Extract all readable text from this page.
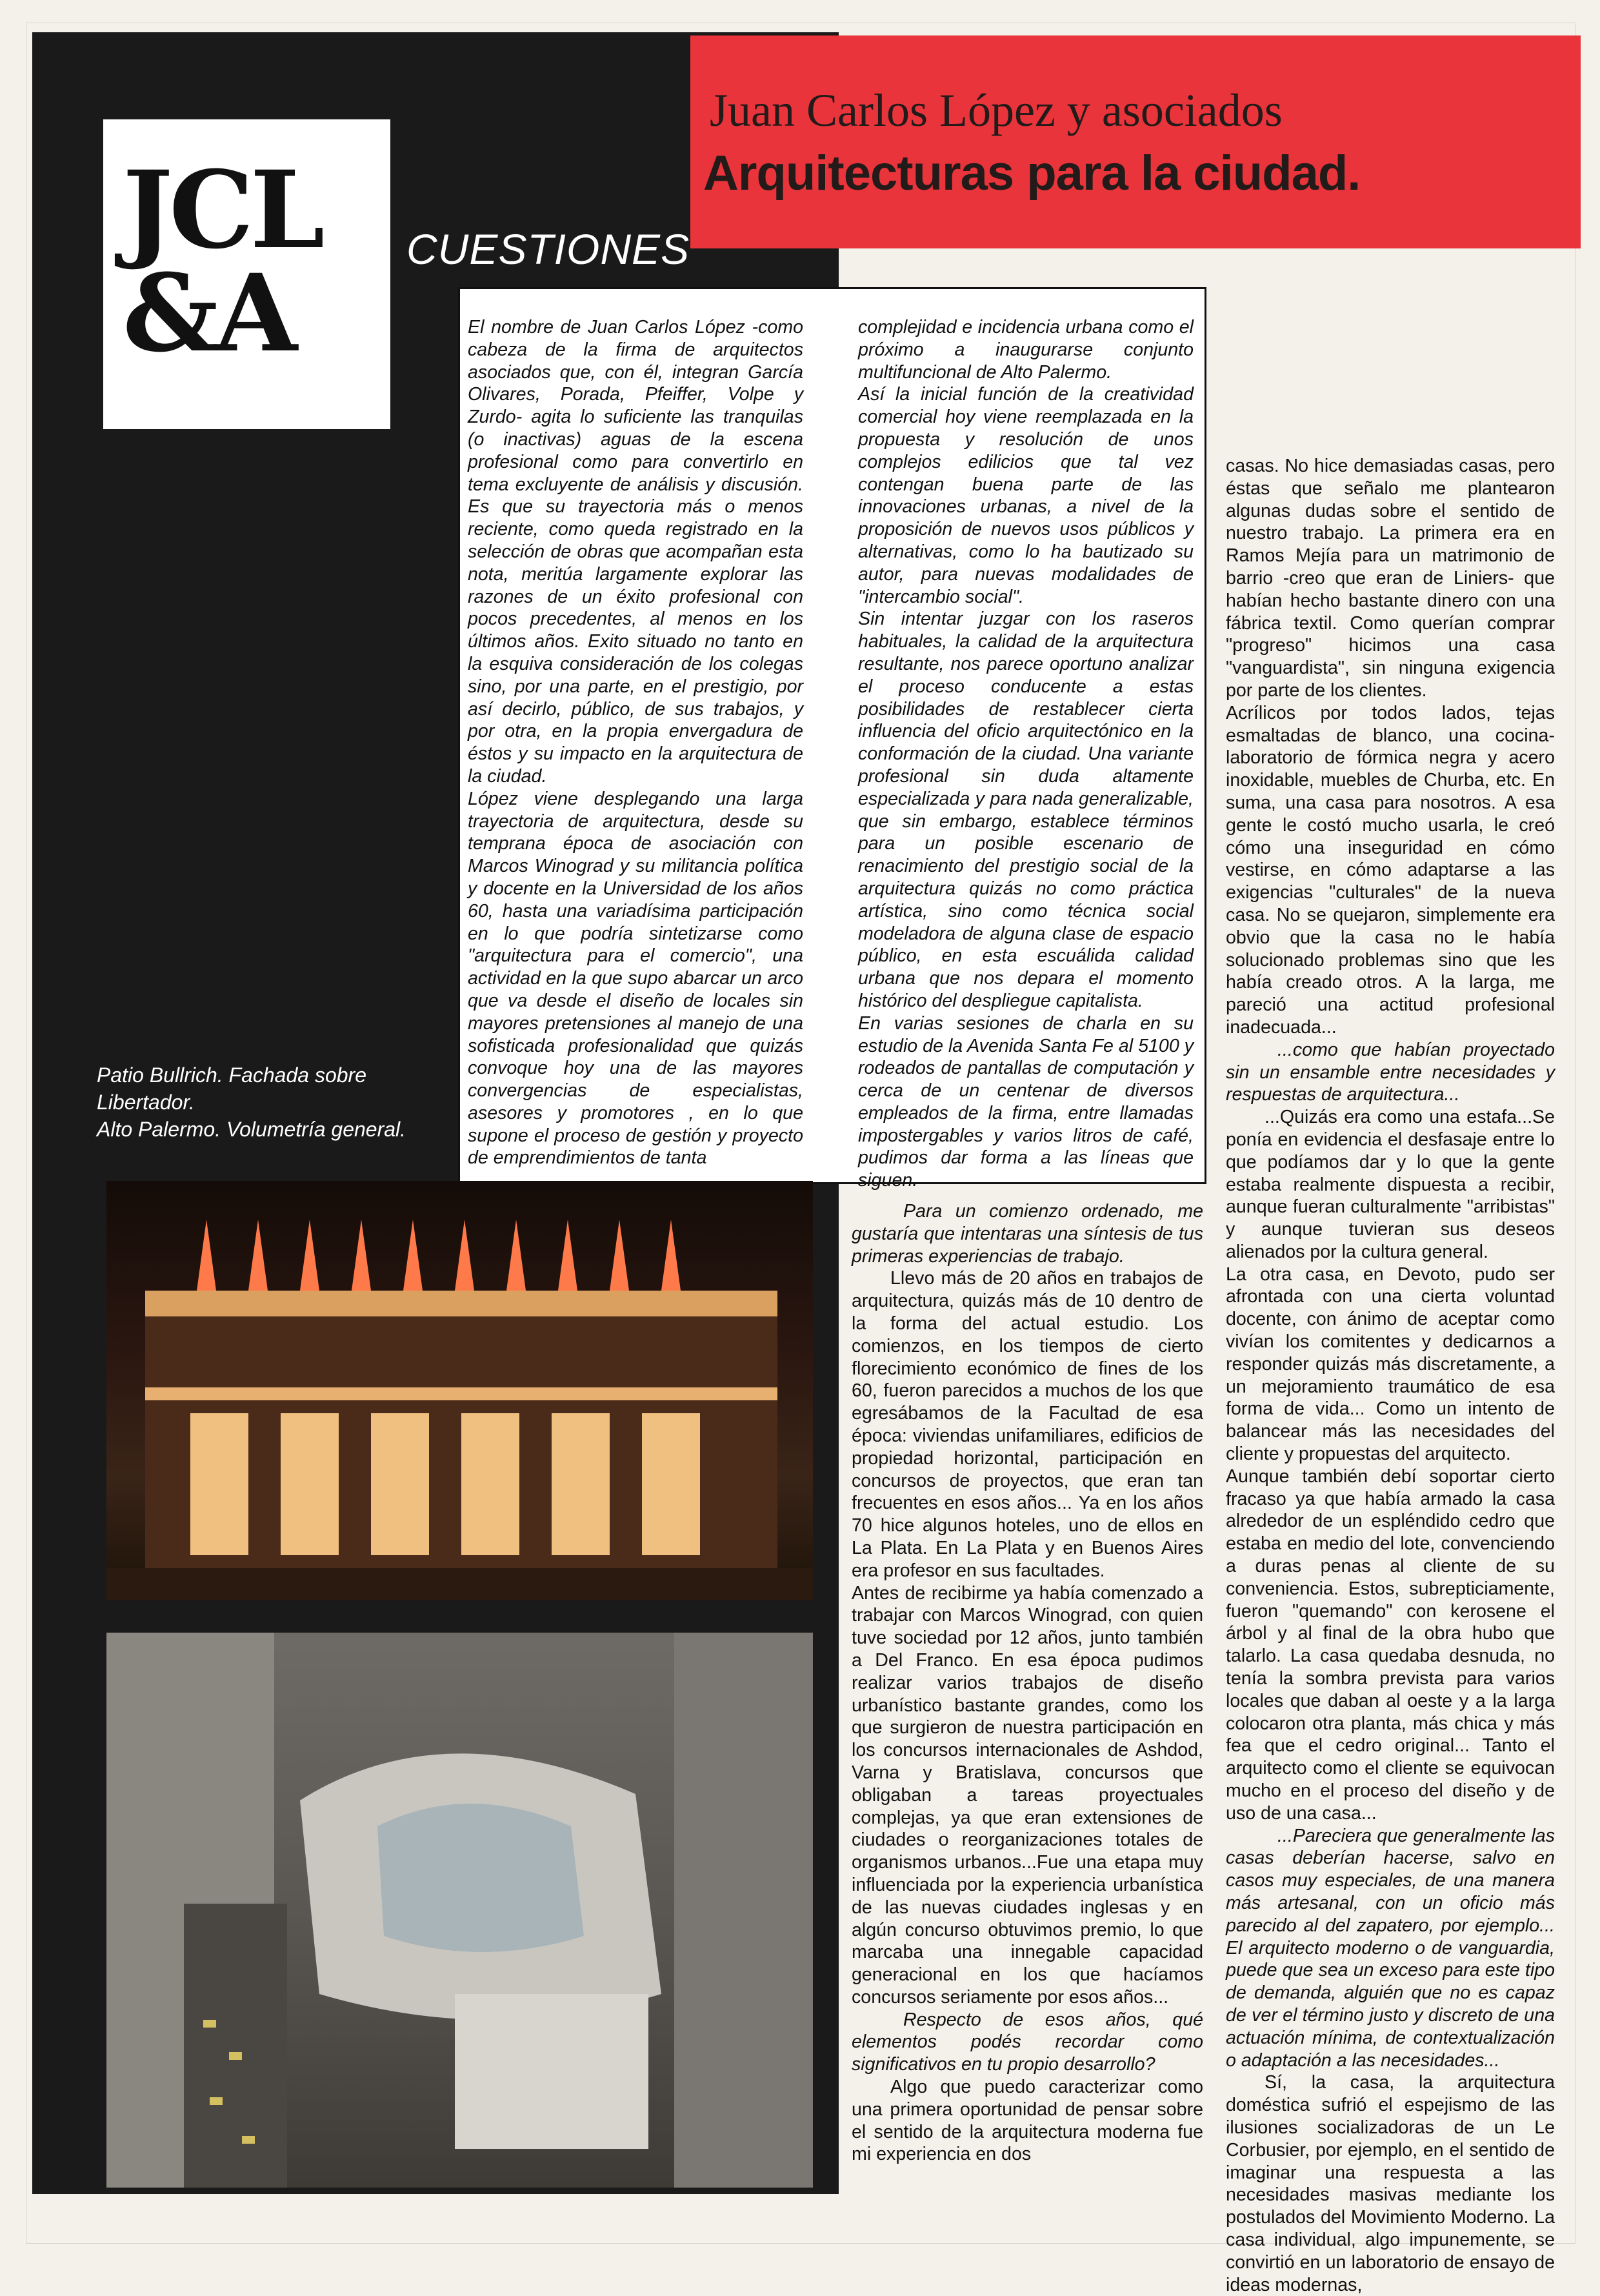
Juan Carlos López y asociados
Arquitecturas para la ciudad.
JCL
&A
CUESTIONES

El nombre de Juan Carlos López -como cabeza de la firma de arquitectos asociados que, con él, integran García Olivares, Porada, Pfeiffer, Volpe y Zurdo- agita lo suficiente las tranquilas (o inactivas) aguas de la escena profesional como para convertirlo en tema excluyente de análisis y discusión. Es que su trayectoria más o menos reciente, como queda registrado en la selección de obras que acompañan esta nota, meritúa largamente explorar las razones de un éxito profesional con pocos precedentes, al menos en los últimos años. Exito situado no tanto en la esquiva consideración de los colegas sino, por una parte, en el prestigio, por así decirlo, público, de sus trabajos, y por otra, en la propia envergadura de éstos y su impacto en la arquitectura de la ciudad.

López viene desplegando una larga trayectoria de arquitectura, desde su temprana época de asociación con Marcos Winograd y su militancia política y docente en la Universidad de los años 60, hasta una variadísima participación en lo que podría sintetizarse como "arquitectura para el comercio", una actividad en la que supo abarcar un arco que va desde el diseño de locales sin mayores pretensiones al manejo de una sofisticada profesionalidad que quizás convoque hoy una de las mayores convergencias de especialistas, asesores y promotores , en lo que supone el proceso de gestión y proyecto de emprendimientos de tanta

complejidad e incidencia urbana como el próximo a inaugurarse conjunto multifuncional de Alto Palermo.

Así la inicial función de la creatividad comercial hoy viene reemplazada en la propuesta y resolución de unos complejos edilicios que tal vez contengan buena parte de las innovaciones urbanas, a nivel de la proposición de nuevos usos públicos y alternativas, como lo ha bautizado su autor, para nuevas modalidades de "intercambio social".

Sin intentar juzgar con los raseros habituales, la calidad de la arquitectura resultante, nos parece oportuno analizar el proceso conducente a estas posibilidades de restablecer cierta influencia del oficio arquitectónico en la conformación de la ciudad. Una variante profesional sin duda altamente especializada y para nada generalizable, que sin embargo, establece términos para un posible escenario de renacimiento del prestigio social de la arquitectura quizás no como práctica artística, sino como técnica social modeladora de alguna clase de espacio público, en esta escuálida calidad urbana que nos depara el momento histórico del despliegue capitalista.

En varias sesiones de charla en su estudio de la Avenida Santa Fe al 5100 y rodeados de pantallas de computación y cerca de un centenar de diversos empleados de la firma, entre llamadas impostergables y varios litros de café, pudimos dar forma a las líneas que siguen.

Patio Bullrich. Fachada sobre Libertador.
Alto Palermo. Volumetría general.

Para un comienzo ordenado, me gustaría que intentaras una síntesis de tus primeras experiencias de trabajo.

Llevo más de 20 años en trabajos de arquitectura, quizás más de 10 dentro de la forma del actual estudio. Los comienzos, en los tiempos de cierto florecimiento económico de fines de los 60, fueron parecidos a muchos de los que egresábamos de la Facultad de esa época: viviendas unifamiliares, edificios de propiedad horizontal, participación en concursos de proyectos, que eran tan frecuentes en esos años... Ya en los años 70 hice algunos hoteles, uno de ellos en La Plata. En La Plata y en Buenos Aires era profesor en sus facultades.

Antes de recibirme ya había comenzado a trabajar con Marcos Winograd, con quien tuve sociedad por 12 años, junto también a Del Franco. En esa época pudimos realizar varios trabajos de diseño urbanístico bastante grandes, como los que surgieron de nuestra participación en los concursos internacionales de Ashdod, Varna y Bratislava, concursos que obligaban a tareas proyectuales complejas, ya que eran extensiones de ciudades o reorganizaciones totales de organismos urbanos...Fue una etapa muy influenciada por la experiencia urbanística de las nuevas ciudades inglesas y en algún concurso obtuvimos premio, lo que marcaba una innegable capacidad generacional en los que hacíamos concursos seriamente por esos años...

Respecto de esos años, qué elementos podés recordar como significativos en tu propio desarrollo?

Algo que puedo caracterizar como una primera oportunidad de pensar sobre el sentido de la arquitectura moderna fue mi experiencia en dos

casas. No hice demasiadas casas, pero éstas que señalo me plantearon algunas dudas sobre el sentido de nuestro trabajo. La primera era en Ramos Mejía para un matrimonio de barrio -creo que eran de Liniers- que habían hecho bastante dinero con una fábrica textil. Como querían comprar "progreso" hicimos una casa "vanguardista", sin ninguna exigencia por parte de los clientes.

Acrílicos por todos lados, tejas esmaltadas de blanco, una cocina-laboratorio de fórmica negra y acero inoxidable, muebles de Churba, etc. En suma, una casa para nosotros. A esa gente le costó mucho usarla, le creó cómo una inseguridad en cómo vestirse, en cómo adaptarse a las exigencias "culturales" de la nueva casa. No se quejaron, simplemente era obvio que la casa no le había solucionado problemas sino que les había creado otros. A la larga, me pareció una actitud profesional inadecuada...

...como que habían proyectado sin un ensamble entre necesidades y respuestas de arquitectura...

...Quizás era como una estafa...Se ponía en evidencia el desfasaje entre lo que podíamos dar y lo que la gente estaba realmente dispuesta a recibir, aunque fueran culturalmente "arribistas" y aunque tuvieran sus deseos alienados por la cultura general.

La otra casa, en Devoto, pudo ser afrontada con una cierta voluntad docente, con ánimo de aceptar como vivían los comitentes y dedicarnos a responder quizás más discretamente, a un mejoramiento traumático de esa forma de vida... Como un intento de balancear más las necesidades del cliente y propuestas del arquitecto.

Aunque también debí soportar cierto fracaso ya que había armado la casa alrededor de un espléndido cedro que estaba en medio del lote, convenciendo a duras penas al cliente de su conveniencia. Estos, subrepticiamente, fueron "quemando" con kerosene el árbol y al final de la obra hubo que talarlo. La casa quedaba desnuda, no tenía la sombra prevista para varios locales que daban al oeste y a la larga colocaron otra planta, más chica y más fea que el cedro original... Tanto el arquitecto como el cliente se equivocan mucho en el proceso del diseño y de uso de una casa...

...Pareciera que generalmente las casas deberían hacerse, salvo en casos muy especiales, de una manera más artesanal, con un oficio más parecido al del zapatero, por ejemplo... El arquitecto moderno o de vanguardia, puede que sea un exceso para este tipo de demanda, alguién que no es capaz de ver el término justo y discreto de una actuación mínima, de contextualización o adaptación a las necesidades...

Sí, la casa, la arquitectura doméstica sufrió el espejismo de las ilusiones socializadoras de un Le Corbusier, por ejemplo, en el sentido de imaginar una respuesta a las necesidades masivas mediante los postulados del Movimiento Moderno. La casa individual, algo impunemente, se convirtió en un laboratorio de ensayo de ideas modernas,
